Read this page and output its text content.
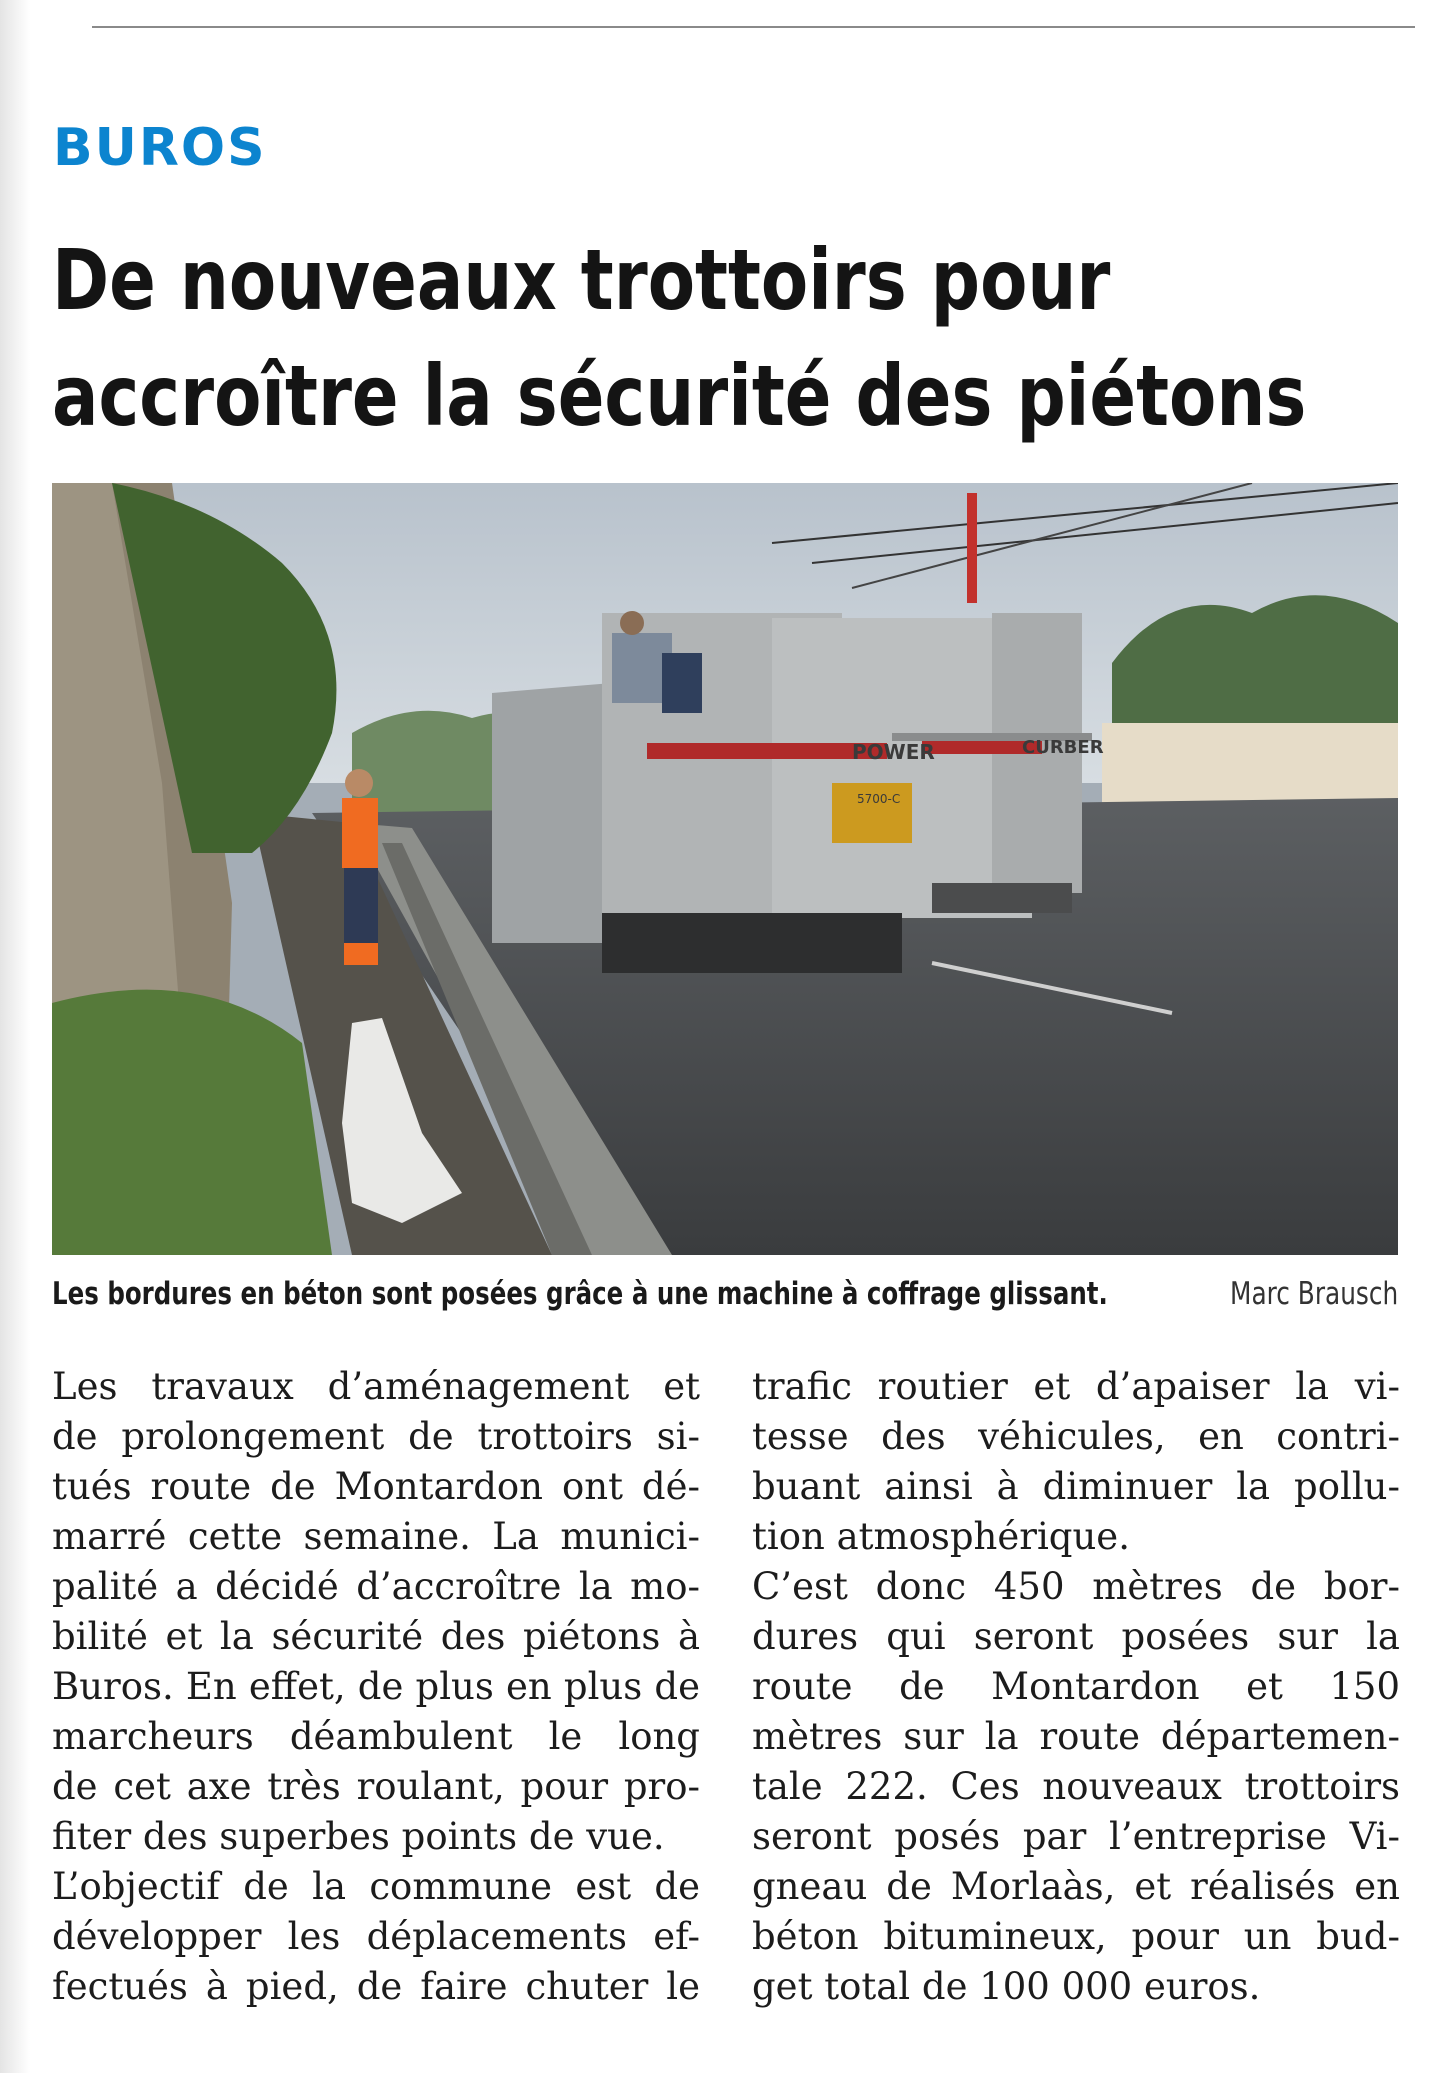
BUROS
De nouveaux trottoirs pour
accroître la sécurité des piétons
POWER	CURBER
5700-C
Les bordures en béton sont posées grâce à une machine à coffrage glissant.	Marc Brausch

Les travaux d’aménagement et

de prolongement de trottoirs si-

tués route de Montardon ont dé-

marré cette semaine. La munici-

palité a décidé d’accroître la mo-

bilité et la sécurité des piétons à

Buros. En effet, de plus en plus de

marcheurs déambulent le long

de cet axe très roulant, pour pro-

fiter des superbes points de vue.

L’objectif de la commune est de

développer les déplacements ef-

fectués à pied, de faire chuter le

trafic routier et d’apaiser la vi-

tesse des véhicules, en contri-

buant ainsi à diminuer la pollu-

tion atmosphérique.

C’est donc 450 mètres de bor-

dures qui seront posées sur la

route de Montardon et 150

mètres sur la route départemen-

tale 222. Ces nouveaux trottoirs

seront posés par l’entreprise Vi-

gneau de Morlaàs, et réalisés en

béton bitumineux, pour un bud-

get total de 100 000 euros.
